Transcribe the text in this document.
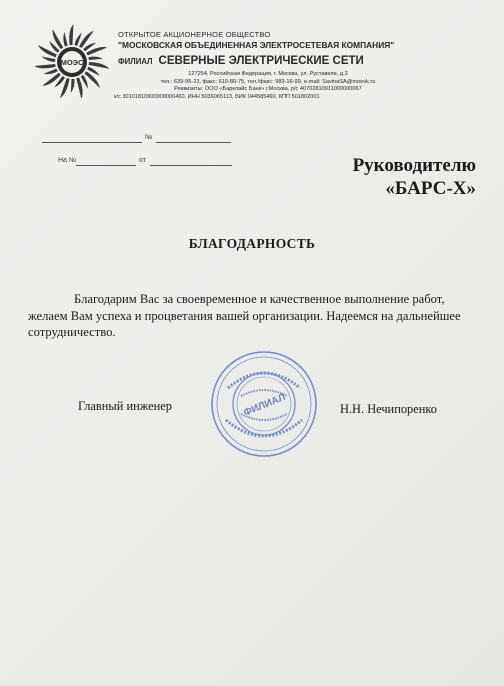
МОЭС
ОТКРЫТОЕ АКЦИОНЕРНОЕ ОБЩЕСТВО
"МОСКОВСКАЯ ОБЪЕДИНЕННАЯ ЭЛЕКТРОСЕТЕВАЯ КОМПАНИЯ"
ФИЛИАЛ СЕВЕРНЫЕ ЭЛЕКТРИЧЕСКИЕ СЕТИ
127254, Российская Федерация, г. Москва, ул. Руставели, д.2
тел.: 639-95-23, факс: 610-80-75, тел./факс: 983-16-99, e-mail: SavinaSA@moesk.ru
Реквизиты: ООО «Барклайс Банк» г.Москва, р/с 40702810911000000067
к/с 30101810900000000460, ИНН 5036065113, БИК 044585460, КПП 501802001
№
На №	от	Руководителю
«БАРС-Х»
БЛАГОДАРНОСТЬ
Благодарим Вас за своевременное и качественное выполнение работ,
желаем Вам успеха и процветания вашей организации. Надеемся на дальнейшее
сотрудничество.
ФИЛИАЛ
Главный инженер	Н.Н. Нечипоренко
